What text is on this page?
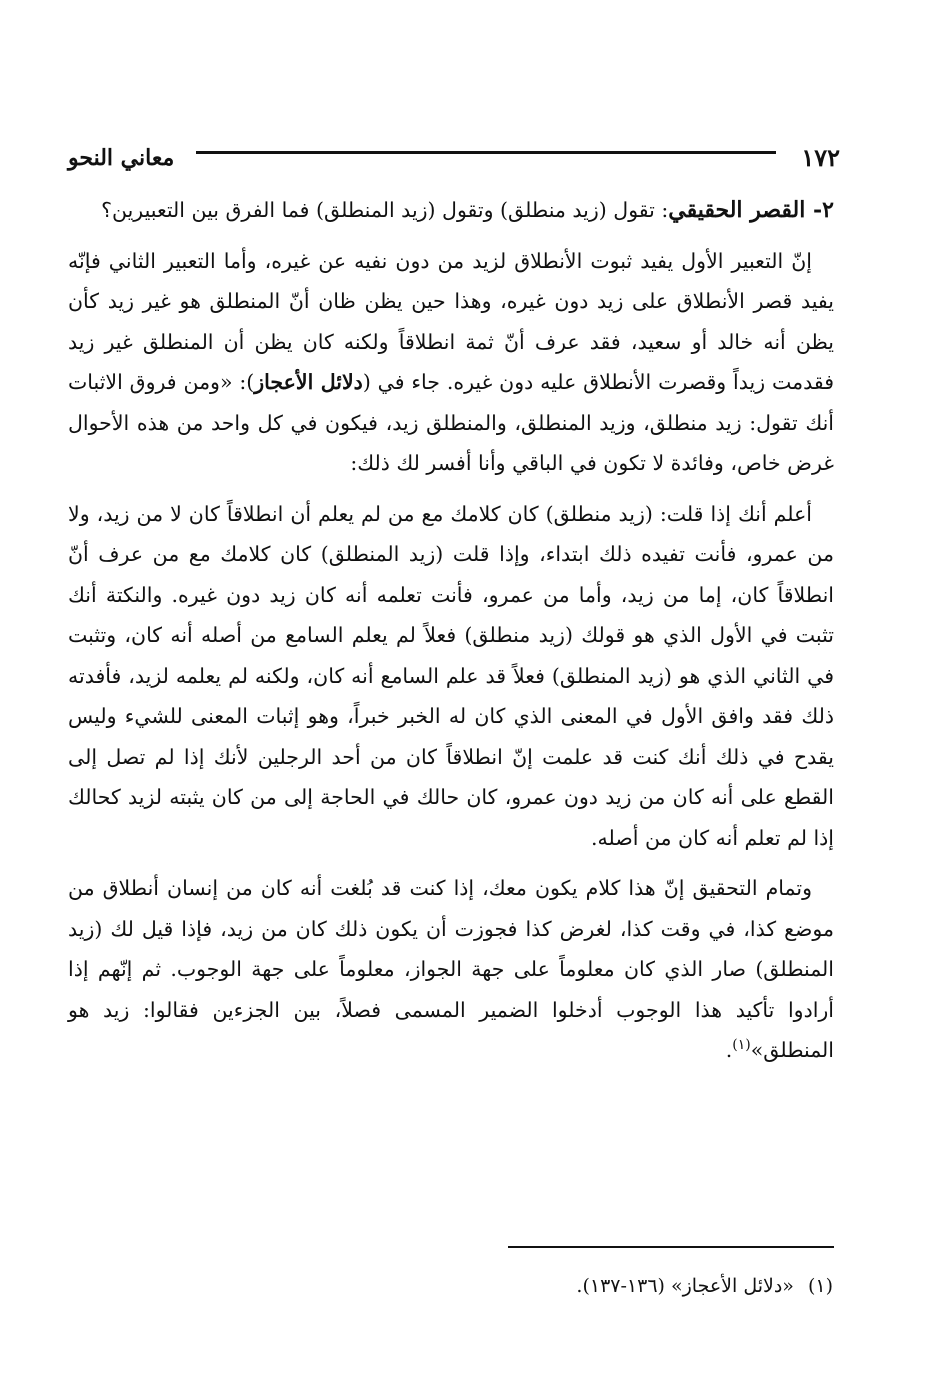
١٧٢
معاني النحو

٢- القصر الحقيقي: تقول (زيد منطلق) وتقول (زيد المنطلق) فما الفرق بين التعبيرين؟

إنّ التعبير الأول يفيد ثبوت الأنطلاق لزيد من دون نفيه عن غيره، وأما التعبير الثاني فإنّه يفيد قصر الأنطلاق على زيد دون غيره، وهذا حين يظن ظان أنّ المنطلق هو غير زيد كأن يظن أنه خالد أو سعيد، فقد عرف أنّ ثمة انطلاقاً ولكنه كان يظن أن المنطلق غير زيد فقدمت زيداً وقصرت الأنطلاق عليه دون غيره. جاء في (دلائل الأعجاز): «ومن فروق الاثبات أنك تقول: زيد منطلق، وزيد المنطلق، والمنطلق زيد، فيكون في كل واحد من هذه الأحوال غرض خاص، وفائدة لا تكون في الباقي وأنا أفسر لك ذلك:

أعلم أنك إذا قلت: (زيد منطلق) كان كلامك مع من لم يعلم أن انطلاقاً كان لا من زيد، ولا من عمرو، فأنت تفيده ذلك ابتداء، وإذا قلت (زيد المنطلق) كان كلامك مع من عرف أنّ انطلاقاً كان، إما من زيد، وأما من عمرو، فأنت تعلمه أنه كان زيد دون غيره. والنكتة أنك تثبت في الأول الذي هو قولك (زيد منطلق) فعلاً لم يعلم السامع من أصله أنه كان، وتثبت في الثاني الذي هو (زيد المنطلق) فعلاً قد علم السامع أنه كان، ولكنه لم يعلمه لزيد، فأفدته ذلك فقد وافق الأول في المعنى الذي كان له الخبر خبراً، وهو إثبات المعنى للشيء وليس يقدح في ذلك أنك كنت قد علمت إنّ انطلاقاً كان من أحد الرجلين لأنك إذا لم تصل إلى القطع على أنه كان من زيد دون عمرو، كان حالك في الحاجة إلى من كان يثبته لزيد كحالك إذا لم تعلم أنه كان من أصله.

وتمام التحقيق إنّ هذا كلام يكون معك، إذا كنت قد بُلغت أنه كان من إنسان أنطلاق من موضع كذا، في وقت كذا، لغرض كذا فجوزت أن يكون ذلك كان من زيد، فإذا قيل لك (زيد المنطلق) صار الذي كان معلوماً على جهة الجواز، معلوماً على جهة الوجوب. ثم إنّهم إذا أرادوا تأكيد هذا الوجوب أدخلوا الضمير المسمى فصلاً، بين الجزءين فقالوا: زيد هو المنطلق»$^{(١)}$.

(١)«دلائل الأعجاز» (١٣٦-١٣٧).
